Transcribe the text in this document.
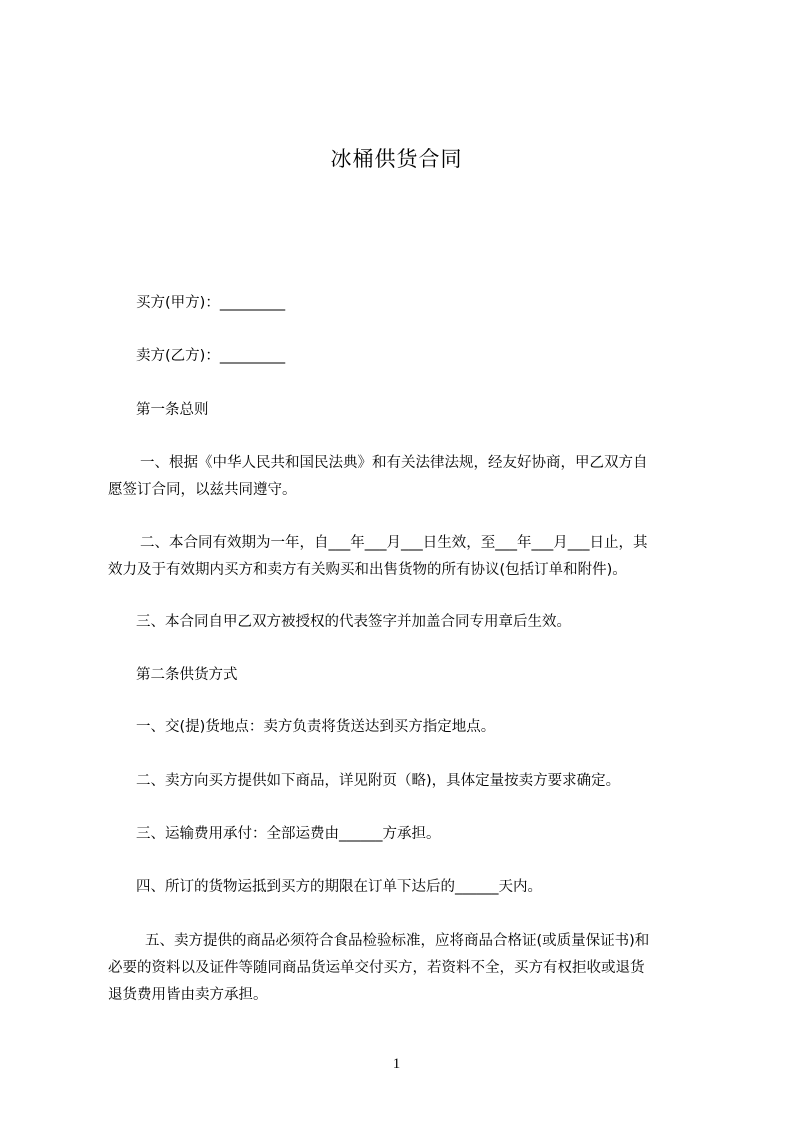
冰桶供货合同
买方(甲方)：_________
卖方(乙方)：_________
第一条总则
一、根据《中华人民共和国民法典》和有关法律法规，经友好协商，甲乙双方自
愿签订合同，以兹共同遵守。
二、本合同有效期为一年，自___年___月___日生效，至___年___月___日止，其
效力及于有效期内买方和卖方有关购买和出售货物的所有协议(包括订单和附件)。
三、本合同自甲乙双方被授权的代表签字并加盖合同专用章后生效。
第二条供货方式
一、交(提)货地点：卖方负责将货送达到买方指定地点。
二、卖方向买方提供如下商品，详见附页（略)，具体定量按卖方要求确定。
三、运输费用承付：全部运费由______方承担。
四、所订的货物运抵到买方的期限在订单下达后的______天内。
五、卖方提供的商品必须符合食品检验标准，应将商品合格证(或质量保证书)和
必要的资料以及证件等随同商品货运单交付买方，若资料不全，买方有权拒收或退货
退货费用皆由卖方承担。
1
